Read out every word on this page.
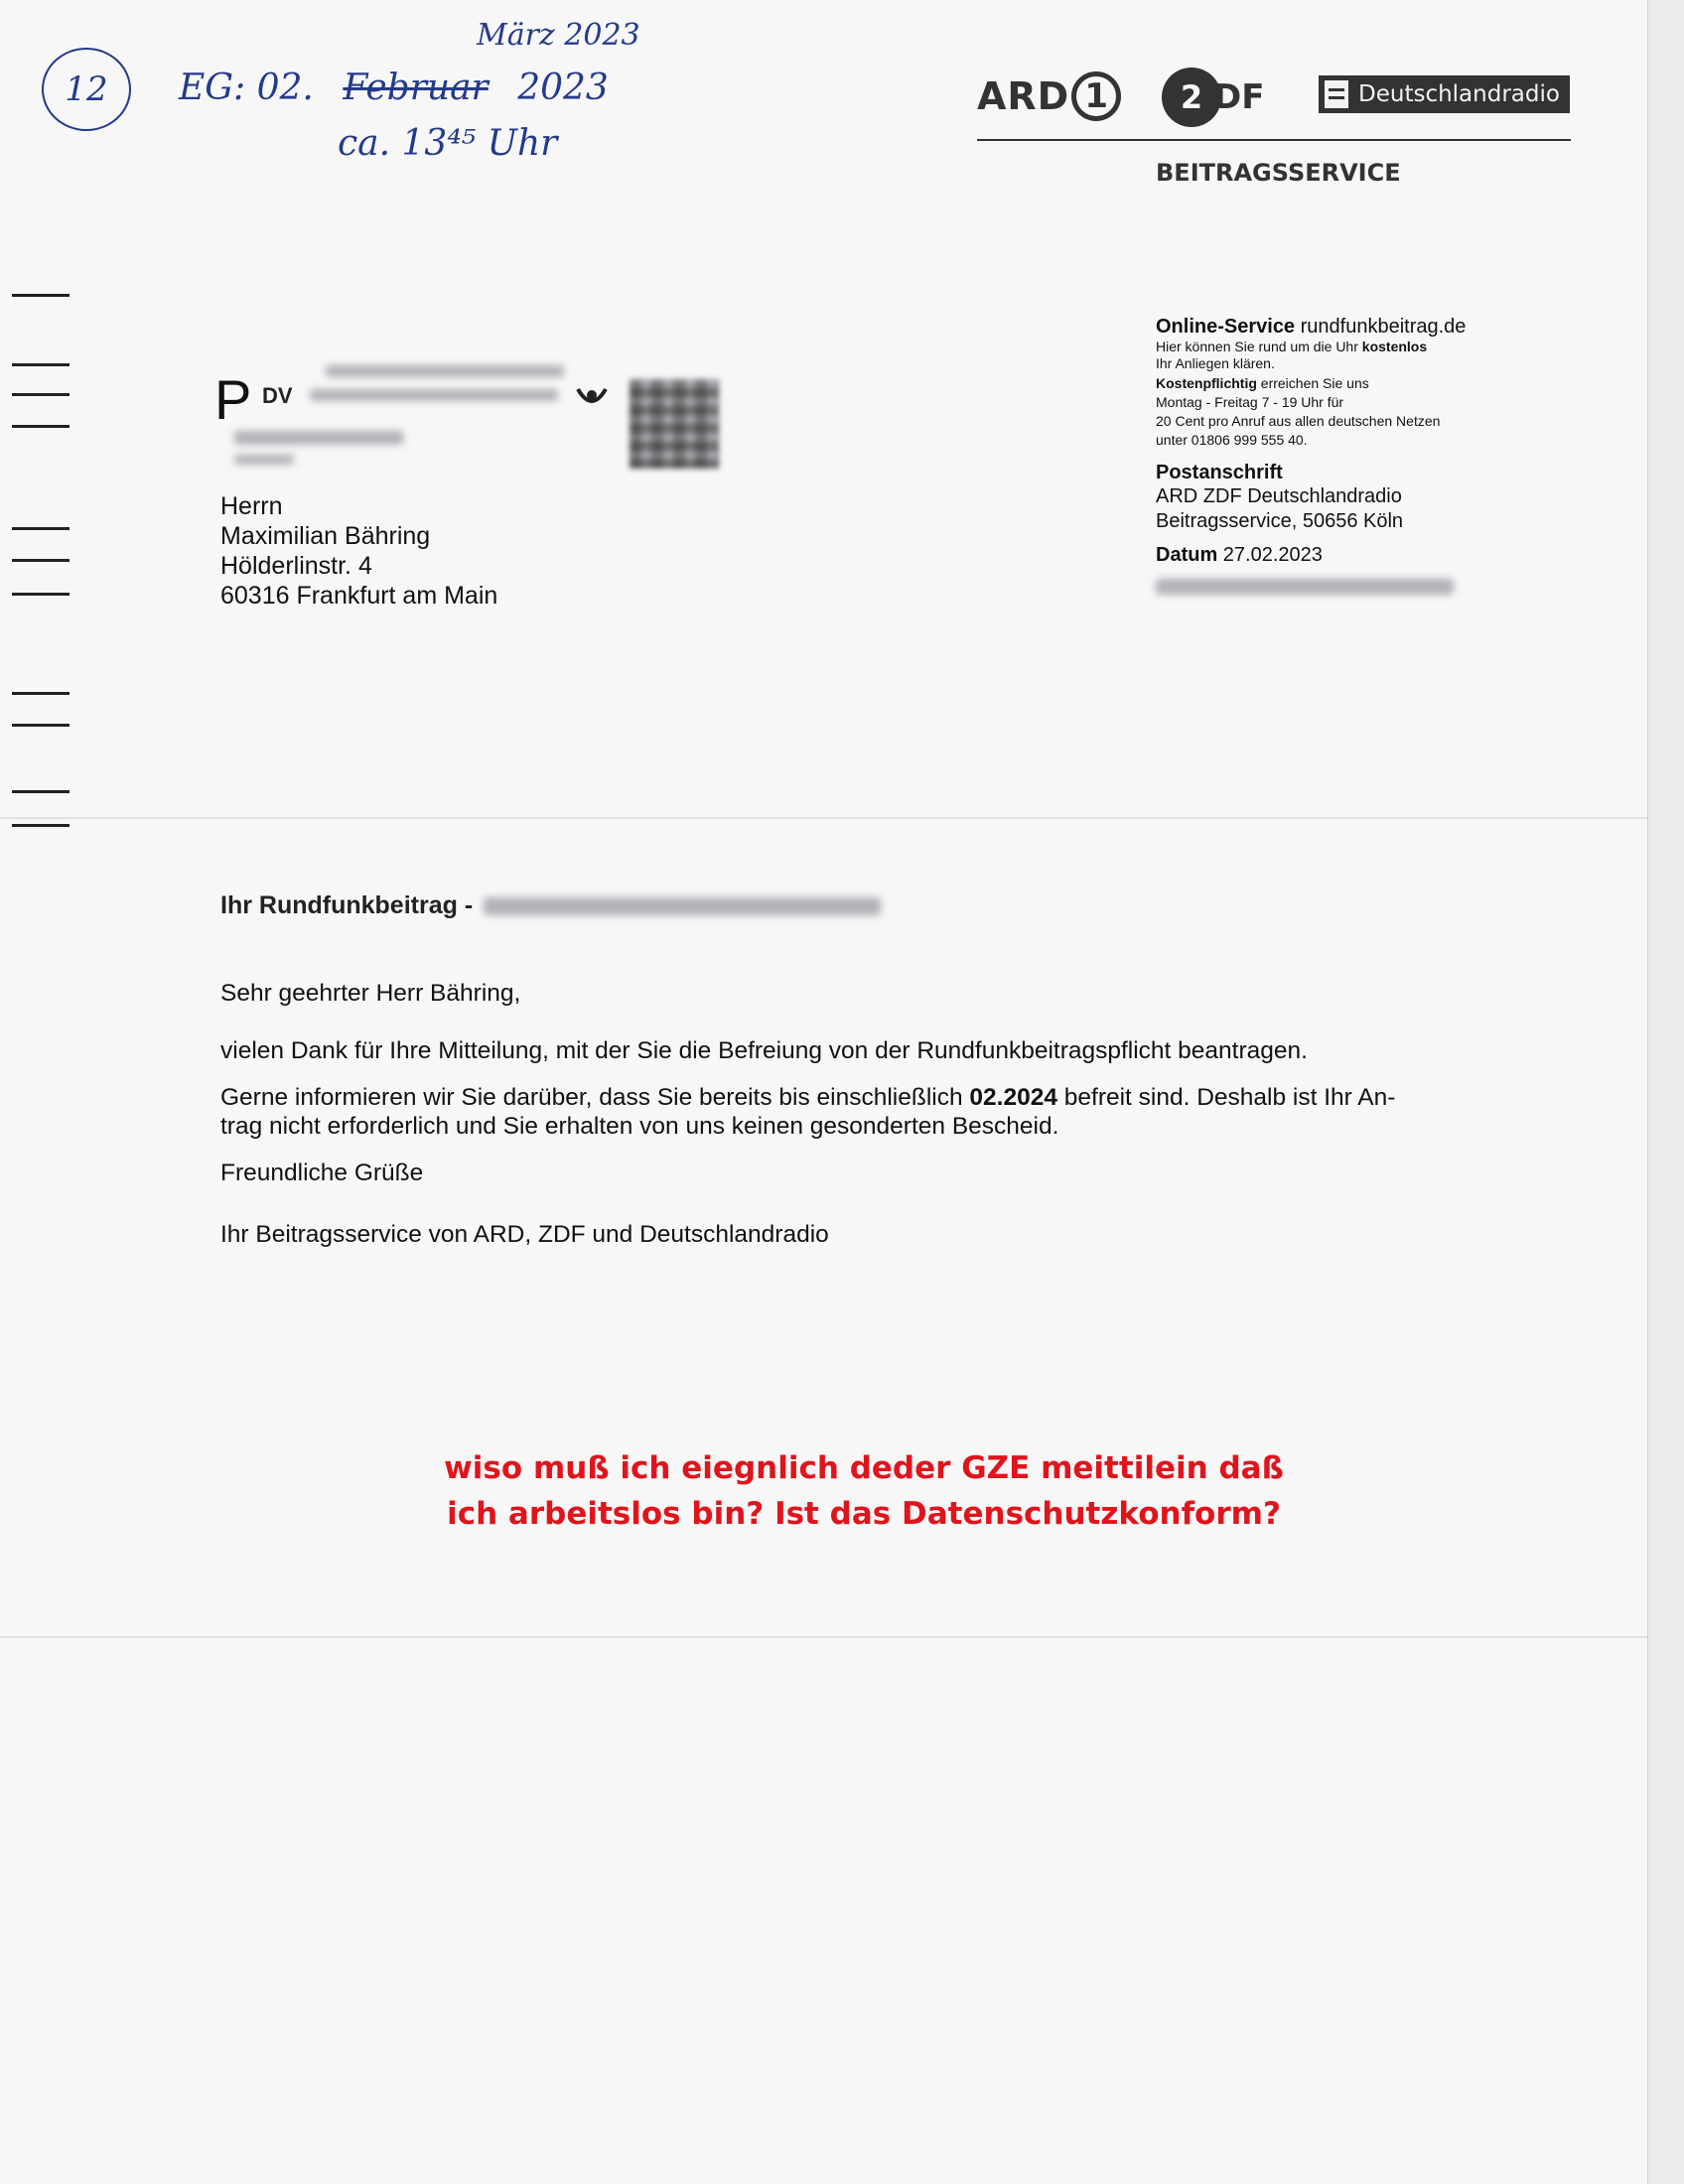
12
März 2023
EG: 02. Februar 2023
ca. 13⁴⁵ Uhr
ARD 1	2 DF	Deutschlandradio
BEITRAGSSERVICE
Online-Service rundfunkbeitrag.de
Hier können Sie rund um die Uhr kostenlos
Ihr Anliegen klären.
Kostenpflichtig erreichen Sie uns
Montag - Freitag 7 - 19 Uhr für
20 Cent pro Anruf aus allen deutschen Netzen
unter 01806 999 555 40.
Postanschrift
ARD ZDF Deutschlandradio
Beitragsservice, 50656 Köln
Datum 27.02.2023
P DV
Herrn
Maximilian Bähring
Hölderlinstr. 4
60316 Frankfurt am Main
Ihr Rundfunkbeitrag -

Sehr geehrter Herr Bähring,

vielen Dank für Ihre Mitteilung, mit der Sie die Befreiung von der Rundfunkbeitragspflicht beantragen.

Gerne informieren wir Sie darüber, dass Sie bereits bis einschließlich 02.2024 befreit sind. Deshalb ist Ihr An-
trag nicht erforderlich und Sie erhalten von uns keinen gesonderten Bescheid.

Freundliche Grüße

Ihr Beitragsservice von ARD, ZDF und Deutschlandradio

wiso muß ich eiegnlich deder GZE meittilein daß
ich arbeitslos bin? Ist das Datenschutzkonform?
